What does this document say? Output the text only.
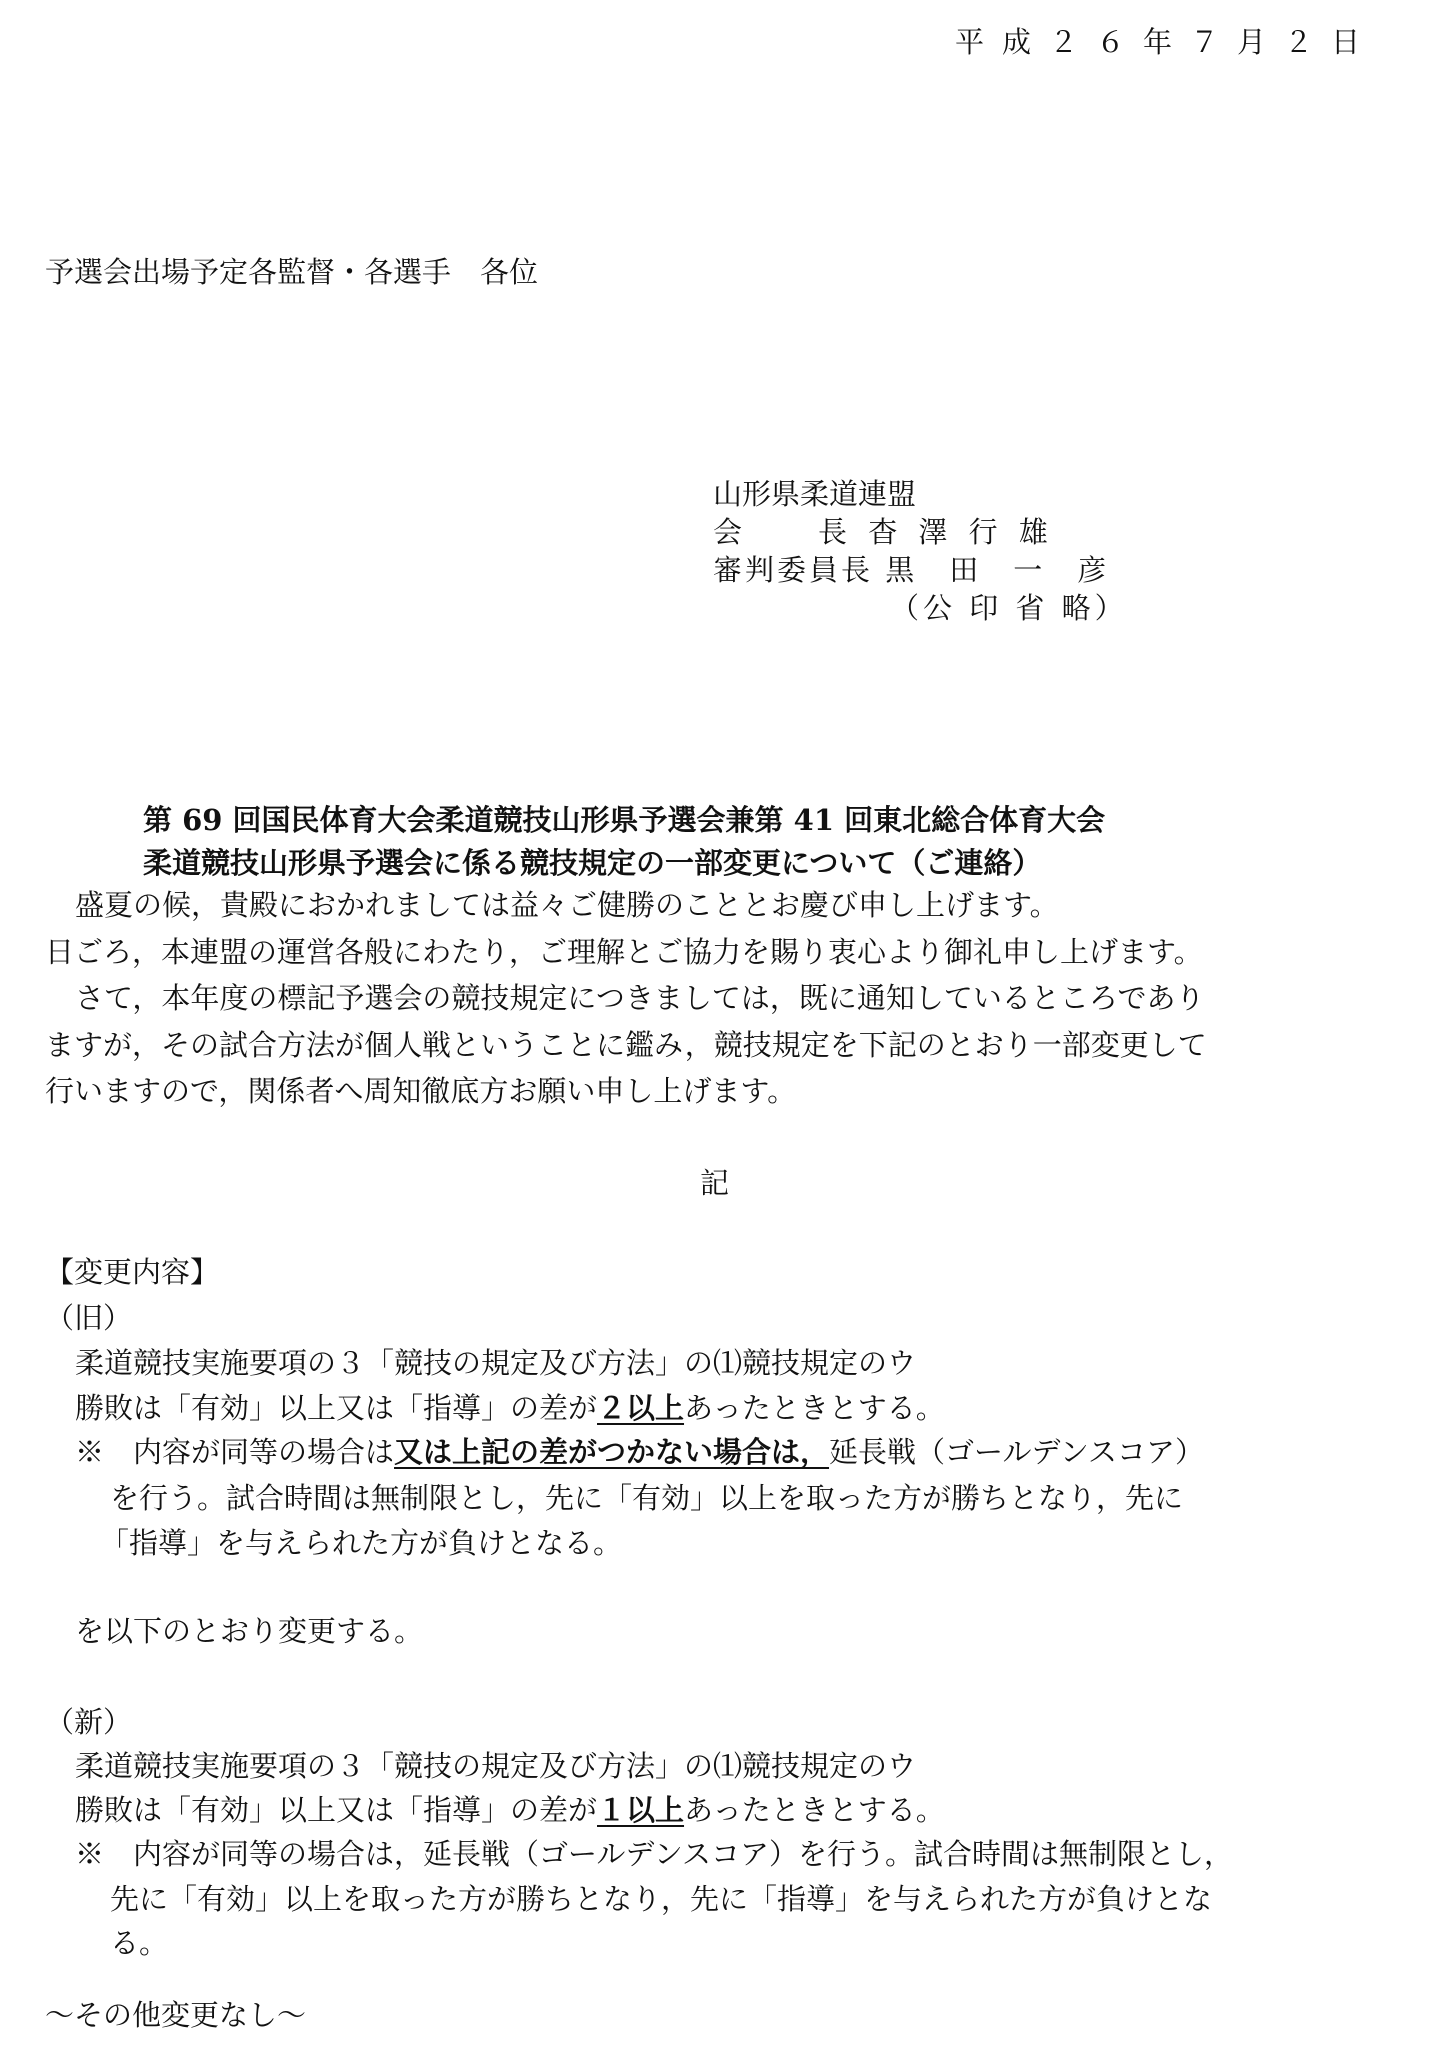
平成２６年７月２日
予選会出場予定各監督・各選手　各位
山形県柔道連盟
会　　長 杳 澤 行 雄
審判委員長 黒　田　一　彦
（公 印 省 略）
第 69 回国民体育大会柔道競技山形県予選会兼第 41 回東北総合体育大会
柔道競技山形県予選会に係る競技規定の一部変更について（ご連絡）
盛夏の候，貴殿におかれましては益々ご健勝のこととお慶び申し上げます。
日ごろ，本連盟の運営各般にわたり，ご理解とご協力を賜り衷心より御礼申し上げます。
さて，本年度の標記予選会の競技規定につきましては，既に通知しているところであり
ますが，その試合方法が個人戦ということに鑑み，競技規定を下記のとおり一部変更して
行いますので，関係者へ周知徹底方お願い申し上げます。
記
【変更内容】
（旧）
柔道競技実施要項の３「競技の規定及び方法」の⑴競技規定のウ
勝敗は「有効」以上又は「指導」の差が２以上あったときとする。
※　内容が同等の場合は又は上記の差がつかない場合は，延長戦（ゴールデンスコア）
を行う。試合時間は無制限とし，先に「有効」以上を取った方が勝ちとなり，先に
「指導」を与えられた方が負けとなる。
を以下のとおり変更する。
（新）
柔道競技実施要項の３「競技の規定及び方法」の⑴競技規定のウ
勝敗は「有効」以上又は「指導」の差が１以上あったときとする。
※　内容が同等の場合は，延長戦（ゴールデンスコア）を行う。試合時間は無制限とし，
先に「有効」以上を取った方が勝ちとなり，先に「指導」を与えられた方が負けとな
る。
～その他変更なし～
